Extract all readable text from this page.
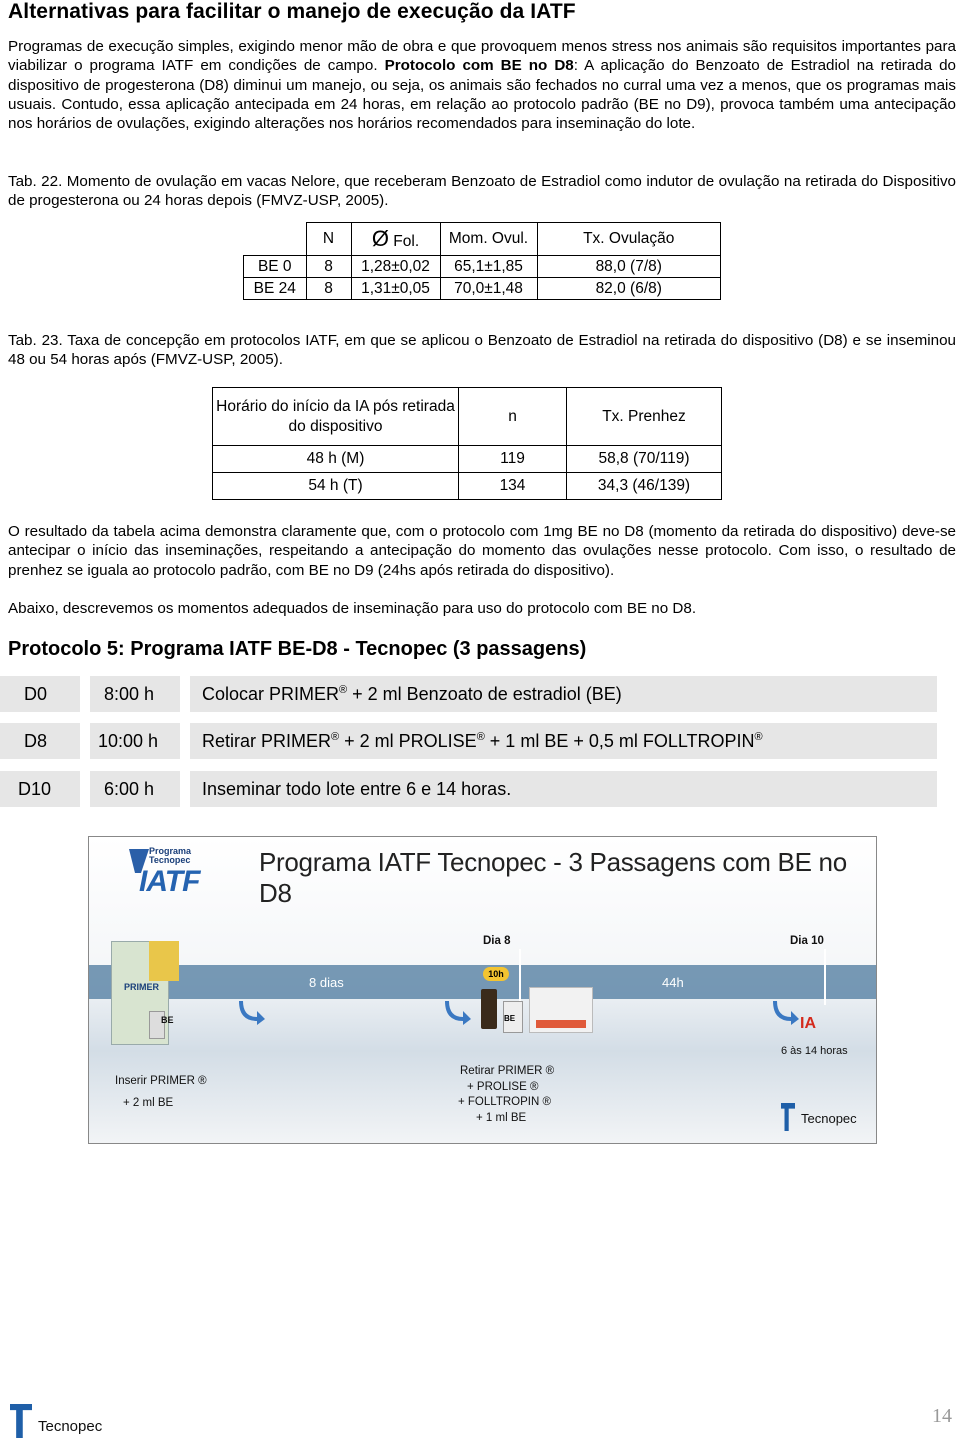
Alternativas para facilitar o manejo de execução da IATF
Programas de execução simples, exigindo menor mão de obra e que provoquem menos stress nos animais são requisitos importantes para viabilizar o programa IATF em condições de campo. Protocolo com BE no D8: A aplicação do Benzoato de Estradiol na retirada do dispositivo de progesterona (D8) diminui um manejo, ou seja, os animais são fechados no curral uma vez a menos, que os programas mais usuais. Contudo, essa aplicação antecipada em 24 horas, em relação ao protocolo padrão (BE no D9), provoca também uma antecipação nos horários de ovulações, exigindo alterações nos horários recomendados para inseminação do lote.
Tab. 22. Momento de ovulação em vacas Nelore, que receberam Benzoato de Estradiol como indutor de ovulação na retirada do Dispositivo de progesterona ou 24 horas depois (FMVZ-USP, 2005).
	N	Ø Fol.	Mom. Ovul.	Tx. Ovulação
BE 0	8	1,28±0,02	65,1±1,85	88,0 (7/8)
BE 24	8	1,31±0,05	70,0±1,48	82,0 (6/8)
Tab. 23. Taxa de concepção em protocolos IATF, em que se aplicou o Benzoato de Estradiol na retirada do dispositivo (D8) e se inseminou 48 ou 54 horas após (FMVZ-USP, 2005).
Horário do início da IA pós retirada do dispositivo	n	Tx. Prenhez
48 h (M)	119	58,8 (70/119)
54 h (T)	134	34,3 (46/139)
O resultado da tabela acima demonstra claramente que, com o protocolo com 1mg BE no D8 (momento da retirada do dispositivo) deve-se antecipar o início das inseminações, respeitando a antecipação do momento das ovulações nesse protocolo. Com isso, o resultado de prenhez se iguala ao protocolo padrão, com BE no D9 (24hs após retirada do dispositivo).
Abaixo, descrevemos os momentos adequados de inseminação para uso do protocolo com BE no D8.
Protocolo 5: Programa IATF BE-D8 - Tecnopec (3 passagens)
D0	8:00 h	Colocar PRIMER® + 2 ml Benzoato de estradiol (BE)
D8	10:00 h Retirar PRIMER® + 2 ml PROLISE® + 1 ml BE + 0,5 ml FOLLTROPIN®
D10	6:00 h	Inseminar todo lote entre 6 e 14 horas.
Programa Tecnopec
IATF
Programa IATF Tecnopec - 3 Passagens com BE no D8
Dia 8	Dia 10
8 dias
10h
44h
PRIMER
BE	BE	IA
6 às 14 horas
Inserir PRIMER ®
+ 2 ml BE
Retirar PRIMER ®
+ PROLISE ®
+ FOLLTROPIN ®
+ 1 ml BE	Tecnopec
Tecnopec	14
